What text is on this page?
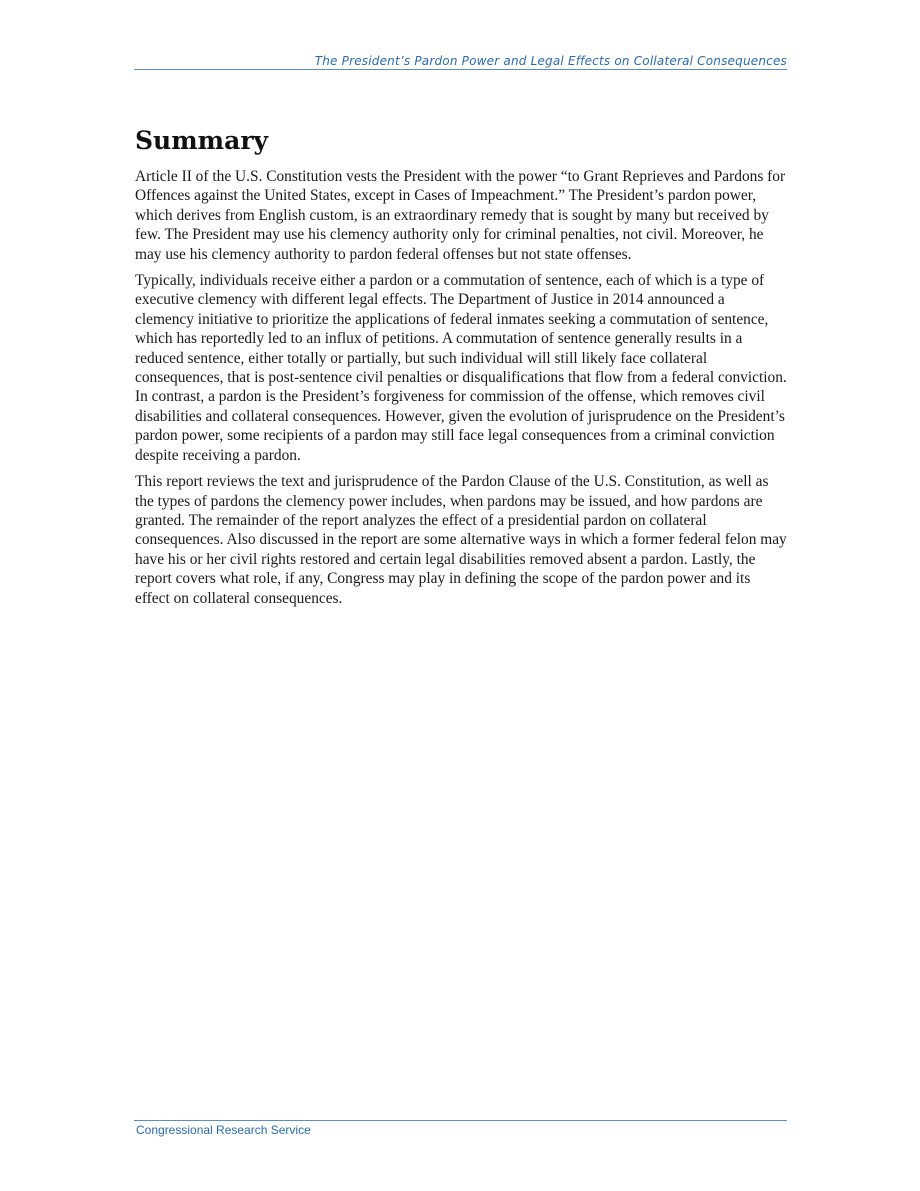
The President’s Pardon Power and Legal Effects on Collateral Consequences
Summary

Article II of the U.S. Constitution vests the President with the power “to Grant Reprieves and Pardons for Offences against the United States, except in Cases of Impeachment.” The President’s pardon power, which derives from English custom, is an extraordinary remedy that is sought by many but received by few. The President may use his clemency authority only for criminal penalties, not civil. Moreover, he may use his clemency authority to pardon federal offenses but not state offenses.

Typically, individuals receive either a pardon or a commutation of sentence, each of which is a type of executive clemency with different legal effects. The Department of Justice in 2014 announced a clemency initiative to prioritize the applications of federal inmates seeking a commutation of sentence, which has reportedly led to an influx of petitions. A commutation of sentence generally results in a reduced sentence, either totally or partially, but such individual will still likely face collateral consequences, that is post-sentence civil penalties or disqualifications that flow from a federal conviction. In contrast, a pardon is the President’s forgiveness for commission of the offense, which removes civil disabilities and collateral consequences. However, given the evolution of jurisprudence on the President’s pardon power, some recipients of a pardon may still face legal consequences from a criminal conviction despite receiving a pardon.

This report reviews the text and jurisprudence of the Pardon Clause of the U.S. Constitution, as well as the types of pardons the clemency power includes, when pardons may be issued, and how pardons are granted. The remainder of the report analyzes the effect of a presidential pardon on collateral consequences. Also discussed in the report are some alternative ways in which a former federal felon may have his or her civil rights restored and certain legal disabilities removed absent a pardon. Lastly, the report covers what role, if any, Congress may play in defining the scope of the pardon power and its effect on collateral consequences.

Congressional Research Service
